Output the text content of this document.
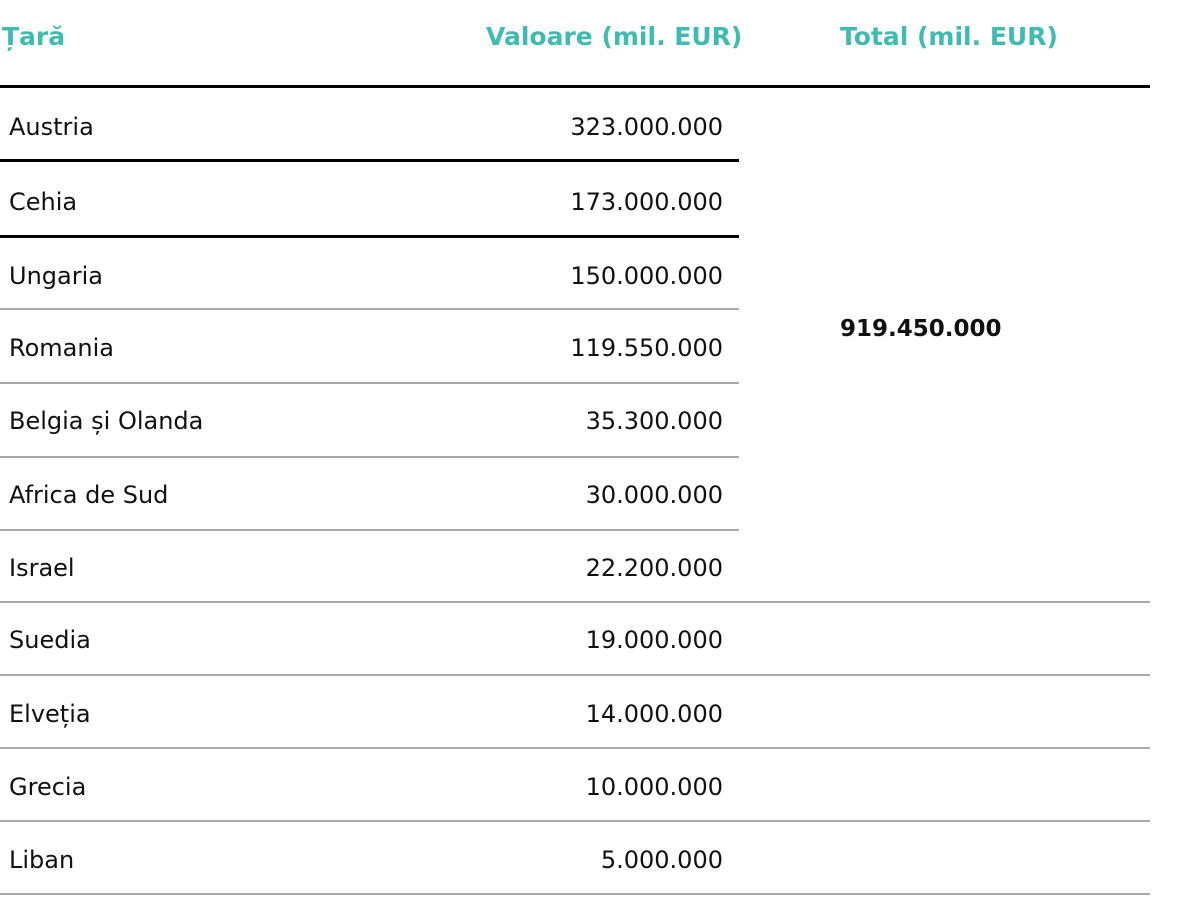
Țară	Valoare (mil. EUR)	Total (mil. EUR)
Austria	323.000.000
Cehia	173.000.000
Ungaria	150.000.000
Romania	119.550.000
Belgia și Olanda	35.300.000
Africa de Sud	30.000.000
Israel	22.200.000
Suedia	19.000.000
Elveția	14.000.000
Grecia	10.000.000
Liban	5.000.000
919.450.000
